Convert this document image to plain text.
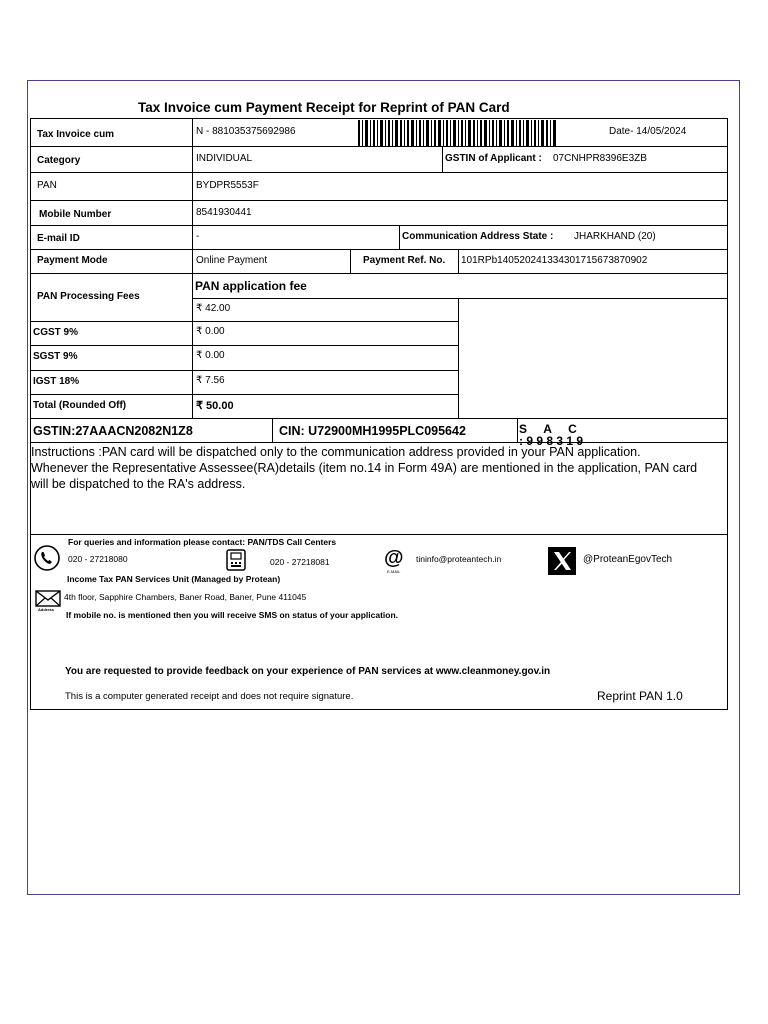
Tax Invoice cum Payment Receipt for Reprint of PAN Card
Tax Invoice cum	N - 881035375692986	Date- 14/05/2024
Category	INDIVIDUAL	GSTIN of Applicant : 07CNHPR8396E3ZB
PAN	BYDPR5553F
Mobile Number	8541930441
E-mail ID	-	Communication Address State : JHARKHAND (20)
Payment Mode	Online Payment	Payment Ref. No. 101RPb140520241334301715673870902
PAN Processing Fees
PAN application fee
₹ 42.00
CGST 9%	₹ 0.00
SGST 9%	₹ 0.00
IGST 18%	₹ 7.56
Total (Rounded Off)	₹ 50.00
GSTIN:27AAACN2082N1Z8	CIN: U72900MH1995PLC095642	S     A     C
: 9 9 8 3 1 9
Instructions :PAN card will be dispatched only to the communication address provided in your PAN application.
Whenever the Representative Assessee(RA)details (item no.14 in Form 49A) are mentioned in the application, PAN card
will be dispatched to the RA's address.
For queries and information please contact: PAN/TDS Call Centers
020 - 27218080	020 - 27218081	@
E-MAIL
tininfo@proteantech.in	@ProteanEgovTech
Income Tax PAN Services Unit (Managed by Protean)
Address
4th floor, Sapphire Chambers, Baner Road, Baner, Pune 411045
If mobile no. is mentioned then you will receive SMS on status of your application.
You are requested to provide feedback on your experience of PAN services at www.cleanmoney.gov.in
This is a computer generated receipt and does not require signature.	Reprint PAN 1.0
